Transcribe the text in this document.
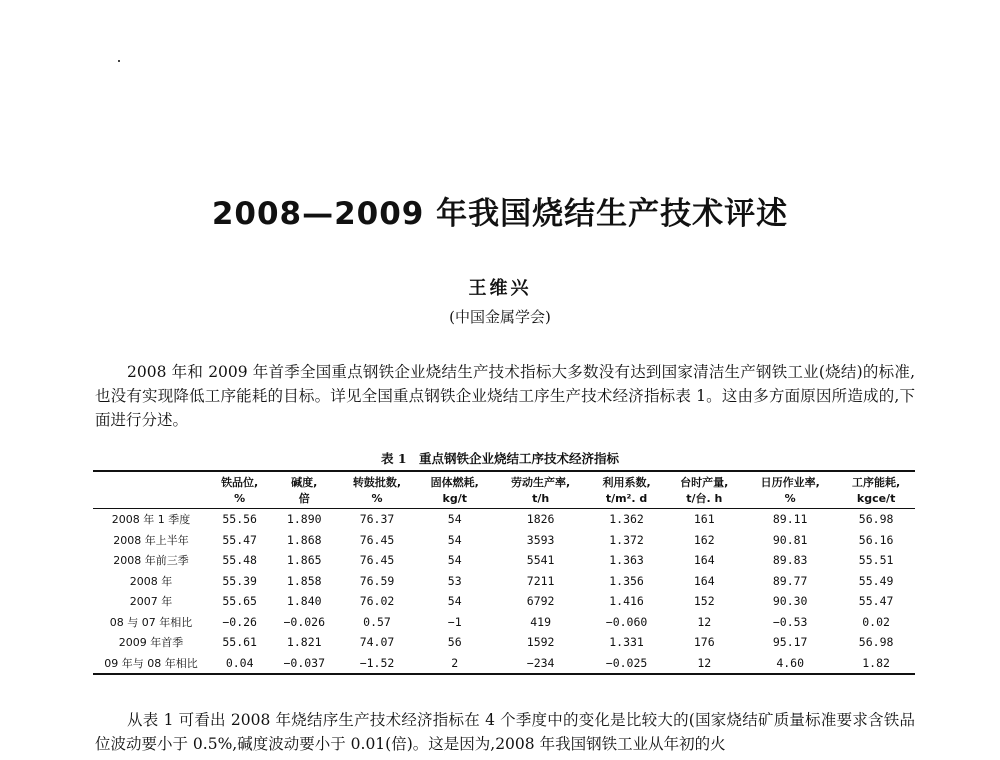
2008—2009 年我国烧结生产技术评述
王维兴
(中国金属学会)

2008 年和 2009 年首季全国重点钢铁企业烧结生产技术指标大多数没有达到国家清洁生产钢铁工业(烧结)的标准,也没有实现降低工序能耗的目标。详见全国重点钢铁企业烧结工序生产技术经济指标表 1。这由多方面原因所造成的,下面进行分述。

表 1　重点钢铁企业烧结工序技术经济指标
	铁品位,	碱度,	转鼓批数,	固体燃耗,	劳动生产率,	利用系数,	台时产量,	日历作业率,	工序能耗,
	%	倍	%	kg/t	t/h	t/m². d	t/台. h	%	kgce/t
2008 年 1 季度	55.56	1.890	76.37	54	1826	1.362	161	89.11	56.98
2008 年上半年	55.47	1.868	76.45	54	3593	1.372	162	90.81	56.16
2008 年前三季	55.48	1.865	76.45	54	5541	1.363	164	89.83	55.51
2008 年	55.39	1.858	76.59	53	7211	1.356	164	89.77	55.49
2007 年	55.65	1.840	76.02	54	6792	1.416	152	90.30	55.47
08 与 07 年相比	−0.26	−0.026	0.57	−1	419	−0.060	12	−0.53	0.02
2009 年首季	55.61	1.821	74.07	56	1592	1.331	176	95.17	56.98
09 年与 08 年相比	0.04	−0.037	−1.52	2	−234	−0.025	12	4.60	1.82

从表 1 可看出 2008 年烧结序生产技术经济指标在 4 个季度中的变化是比较大的(国家烧结矿质量标准要求含铁品位波动要小于 0.5%,碱度波动要小于 0.01(倍)。这是因为,2008 年我国钢铁工业从年初的火
